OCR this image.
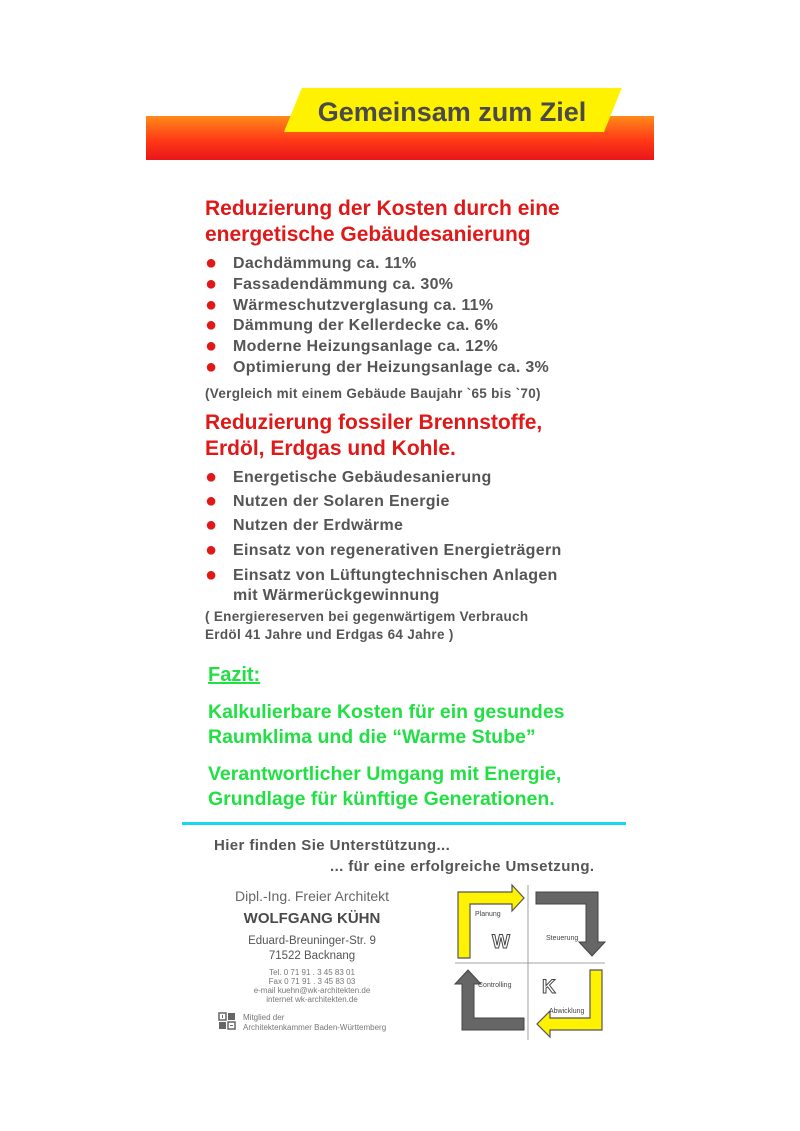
Gemeinsam zum Ziel
Reduzierung der Kosten durch eine
energetische Gebäudesanierung
● Dachdämmung ca. 11%
● Fassadendämmung ca. 30%
● Wärmeschutzverglasung ca. 11%
● Dämmung der Kellerdecke ca. 6%
● Moderne Heizungsanlage ca. 12%
● Optimierung der Heizungsanlage ca. 3%
(Vergleich mit einem Gebäude Baujahr `65 bis `70)
Reduzierung fossiler Brennstoffe,
Erdöl, Erdgas und Kohle.
● Energetische Gebäudesanierung
● Nutzen der Solaren Energie
● Nutzen der Erdwärme
● Einsatz von regenerativen Energieträgern
● Einsatz von Lüftungtechnischen Anlagen
mit Wärmerückgewinnung
( Energiereserven bei gegenwärtigem Verbrauch
Erdöl 41 Jahre und Erdgas 64 Jahre )
Fazit:
Kalkulierbare Kosten für ein gesundes
Raumklima und die “Warme Stube”
Verantwortlicher Umgang mit Energie,
Grundlage für künftige Generationen.
Hier finden Sie Unterstützung...
... für eine erfolgreiche Umsetzung.
Dipl.-Ing. Freier Architekt
WOLFGANG KÜHN
Eduard-Breuninger-Str. 9
71522 Backnang
Tel. 0 71 91 . 3 45 83 01
Fax 0 71 91 . 3 45 83 03
e-mail kuehn@wk-architekten.de
internet wk-architekten.de
Mitglied der
Architektenkammer Baden-Württemberg
Planung
Steuerung
Controlling
Abwicklung
W
K
